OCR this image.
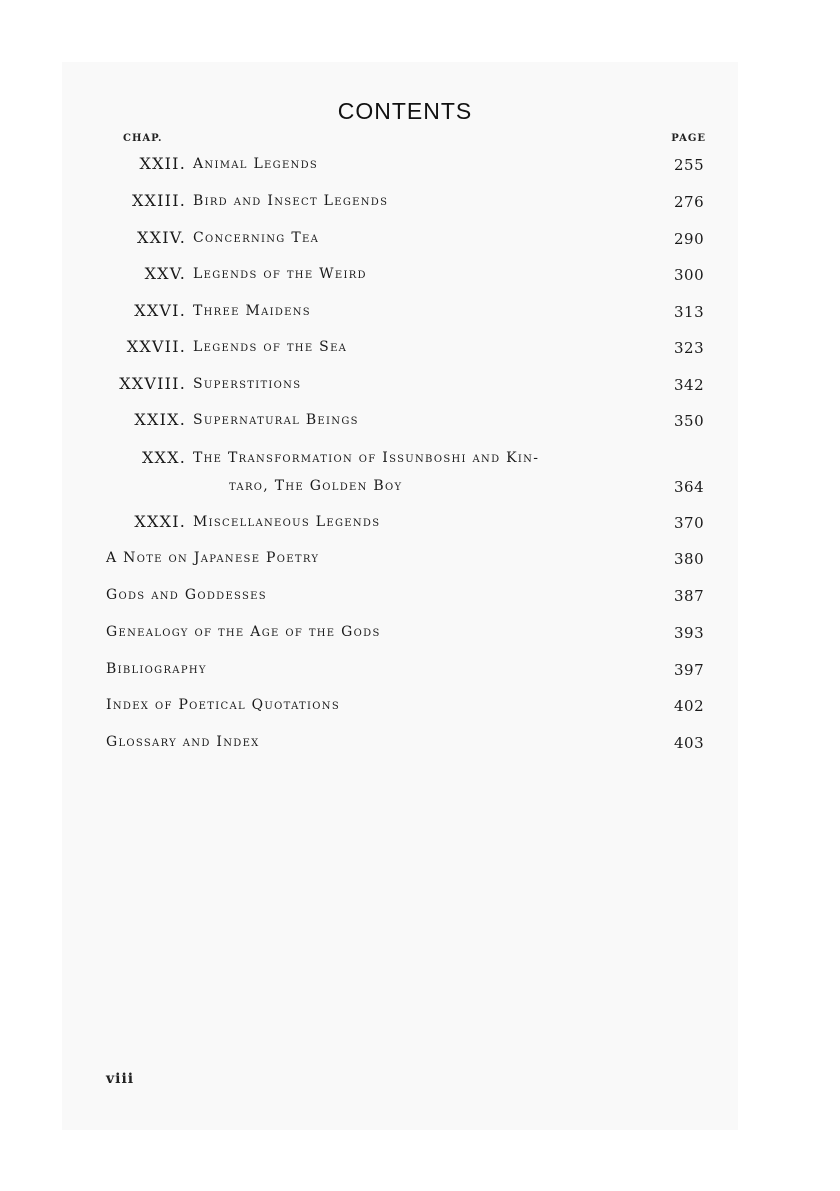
CONTENTS
CHAP.	PAGE
XXII. Animal Legends	255
XXIII. Bird and Insect Legends	276
XXIV. Concerning Tea	290
XXV. Legends of the Weird	300
XXVI. Three Maidens	313
XXVII. Legends of the Sea	323
XXVIII. Superstitions	342
XXIX. Supernatural Beings	350
XXX. The Transformation of Issunboshi and Kin-
taro, The Golden Boy	364
XXXI. Miscellaneous Legends	370
A Note on Japanese Poetry	380
Gods and Goddesses	387
Genealogy of the Age of the Gods	393
Bibliography	397
Index of Poetical Quotations	402
Glossary and Index	403
viii
